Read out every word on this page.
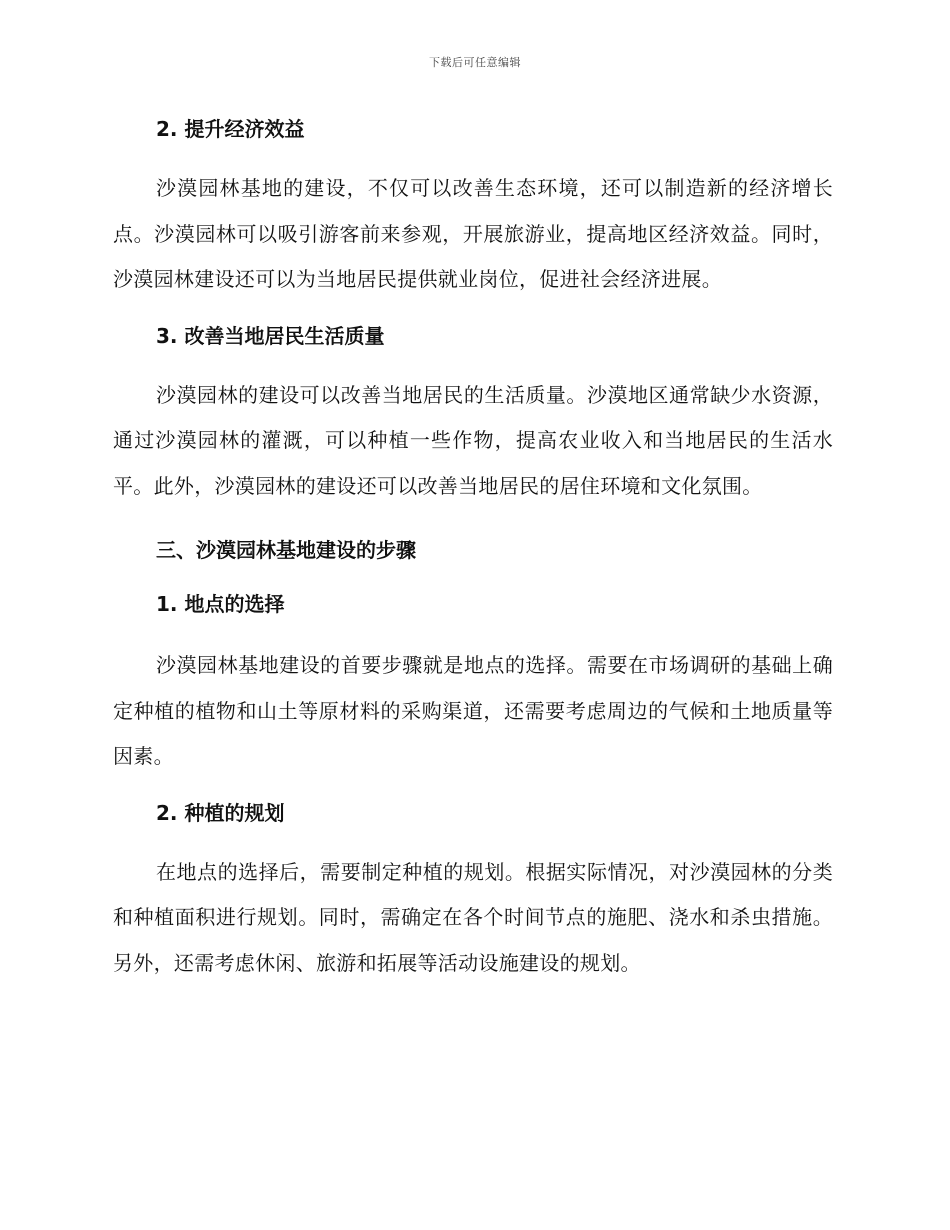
下载后可任意编辑

2. 提升经济效益

沙漠园林基地的建设，不仅可以改善生态环境，还可以制造新的经济增长点。沙漠园林可以吸引游客前来参观，开展旅游业，提高地区经济效益。同时，沙漠园林建设还可以为当地居民提供就业岗位，促进社会经济进展。

3. 改善当地居民生活质量

沙漠园林的建设可以改善当地居民的生活质量。沙漠地区通常缺少水资源，通过沙漠园林的灌溉，可以种植一些作物，提高农业收入和当地居民的生活水平。此外，沙漠园林的建设还可以改善当地居民的居住环境和文化氛围。

三、沙漠园林基地建设的步骤

1. 地点的选择

沙漠园林基地建设的首要步骤就是地点的选择。需要在市场调研的基础上确定种植的植物和山土等原材料的采购渠道，还需要考虑周边的气候和土地质量等因素。

2. 种植的规划

在地点的选择后，需要制定种植的规划。根据实际情况，对沙漠园林的分类和种植面积进行规划。同时，需确定在各个时间节点的施肥、浇水和杀虫措施。另外，还需考虑休闲、旅游和拓展等活动设施建设的规划。
